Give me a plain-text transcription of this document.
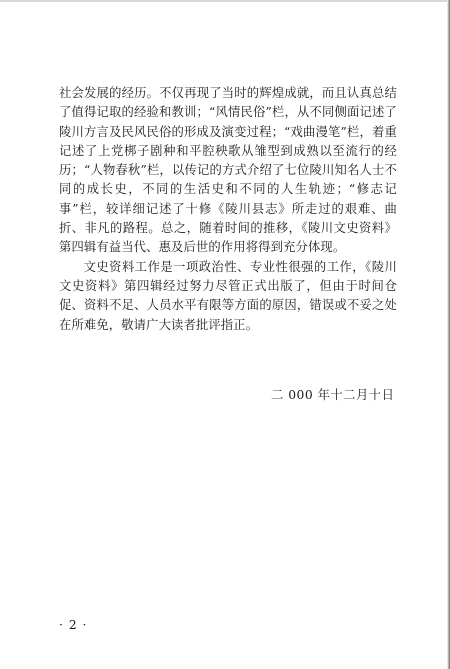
社会发展的经历。不仅再现了当时的辉煌成就，而且认真总结了值得记取的经验和教训；“风情民俗”栏，从不同侧面记述了陵川方言及民风民俗的形成及演变过程；“戏曲漫笔”栏，着重记述了上党梆子剧种和平腔秧歌从雏型到成熟以至流行的经历；“人物春秋”栏，以传记的方式介绍了七位陵川知名人士不同的成长史，不同的生活史和不同的人生轨迹；“修志记事”栏，较详细记述了十修《陵川县志》所走过的艰难、曲折、非凡的路程。总之，随着时间的推移，《陵川文史资料》第四辑有益当代、惠及后世的作用将得到充分体现。

文史资料工作是一项政治性、专业性很强的工作，《陵川文史资料》第四辑经过努力尽管正式出版了，但由于时间仓促、资料不足、人员水平有限等方面的原因，错误或不妥之处在所难免，敬请广大读者批评指正。

二 000 年十二月十日
· 2 ·
